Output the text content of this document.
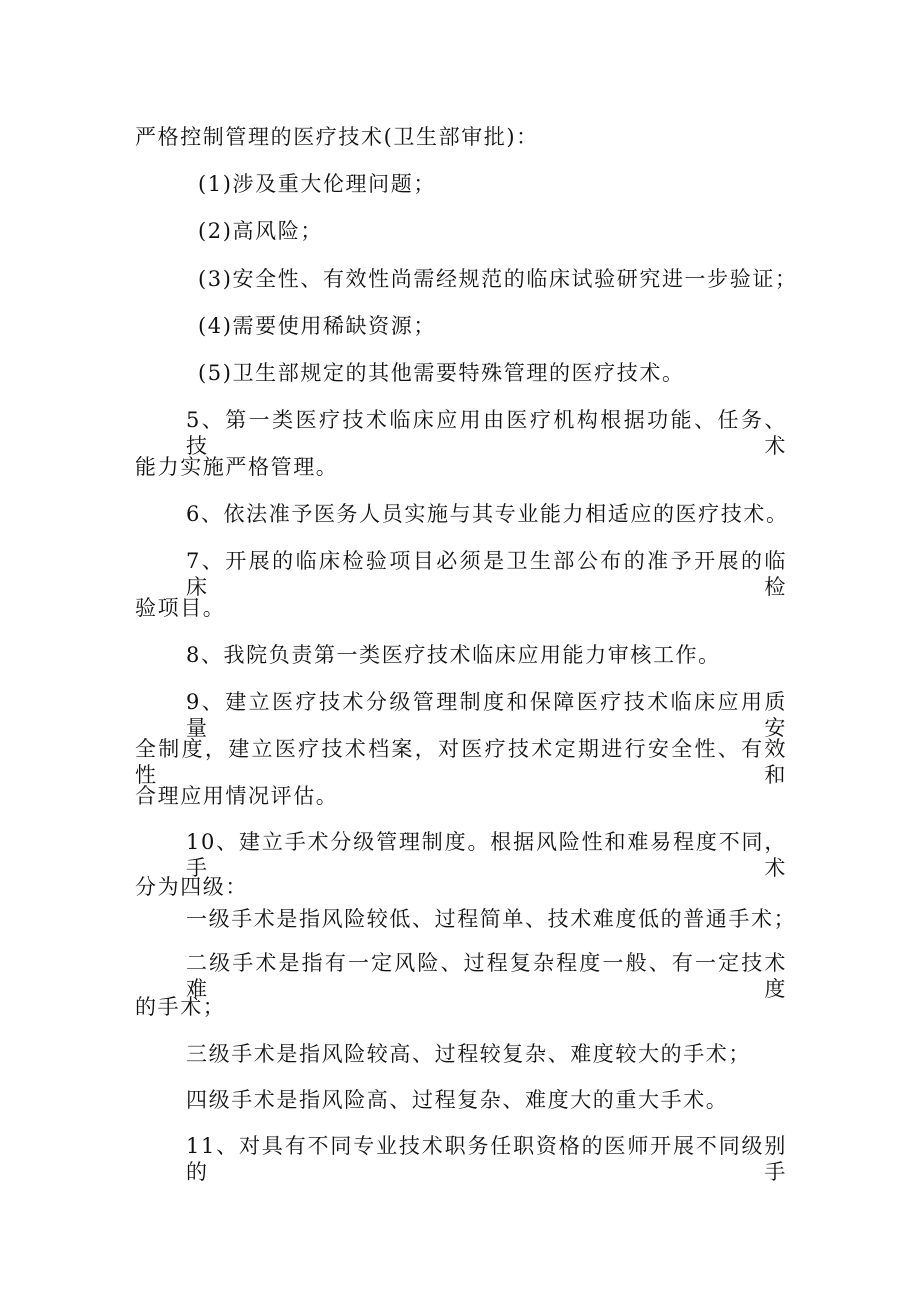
严格控制管理的医疗技术(卫生部审批)：

(1)涉及重大伦理问题；

(2)高风险；

(3)安全性、有效性尚需经规范的临床试验研究进一步验证；

(4)需要使用稀缺资源；

(5)卫生部规定的其他需要特殊管理的医疗技术。

5、第一类医疗技术临床应用由医疗机构根据功能、任务、技术

能力实施严格管理。

6、依法准予医务人员实施与其专业能力相适应的医疗技术。

7、开展的临床检验项目必须是卫生部公布的准予开展的临床检

验项目。

8、我院负责第一类医疗技术临床应用能力审核工作。

9、建立医疗技术分级管理制度和保障医疗技术临床应用质量安

全制度，建立医疗技术档案，对医疗技术定期进行安全性、有效性和

合理应用情况评估。

10、建立手术分级管理制度。根据风险性和难易程度不同，手术

分为四级：

一级手术是指风险较低、过程简单、技术难度低的普通手术；

二级手术是指有一定风险、过程复杂程度一般、有一定技术难度

的手术；

三级手术是指风险较高、过程较复杂、难度较大的手术；

四级手术是指风险高、过程复杂、难度大的重大手术。

11、对具有不同专业技术职务任职资格的医师开展不同级别的手
